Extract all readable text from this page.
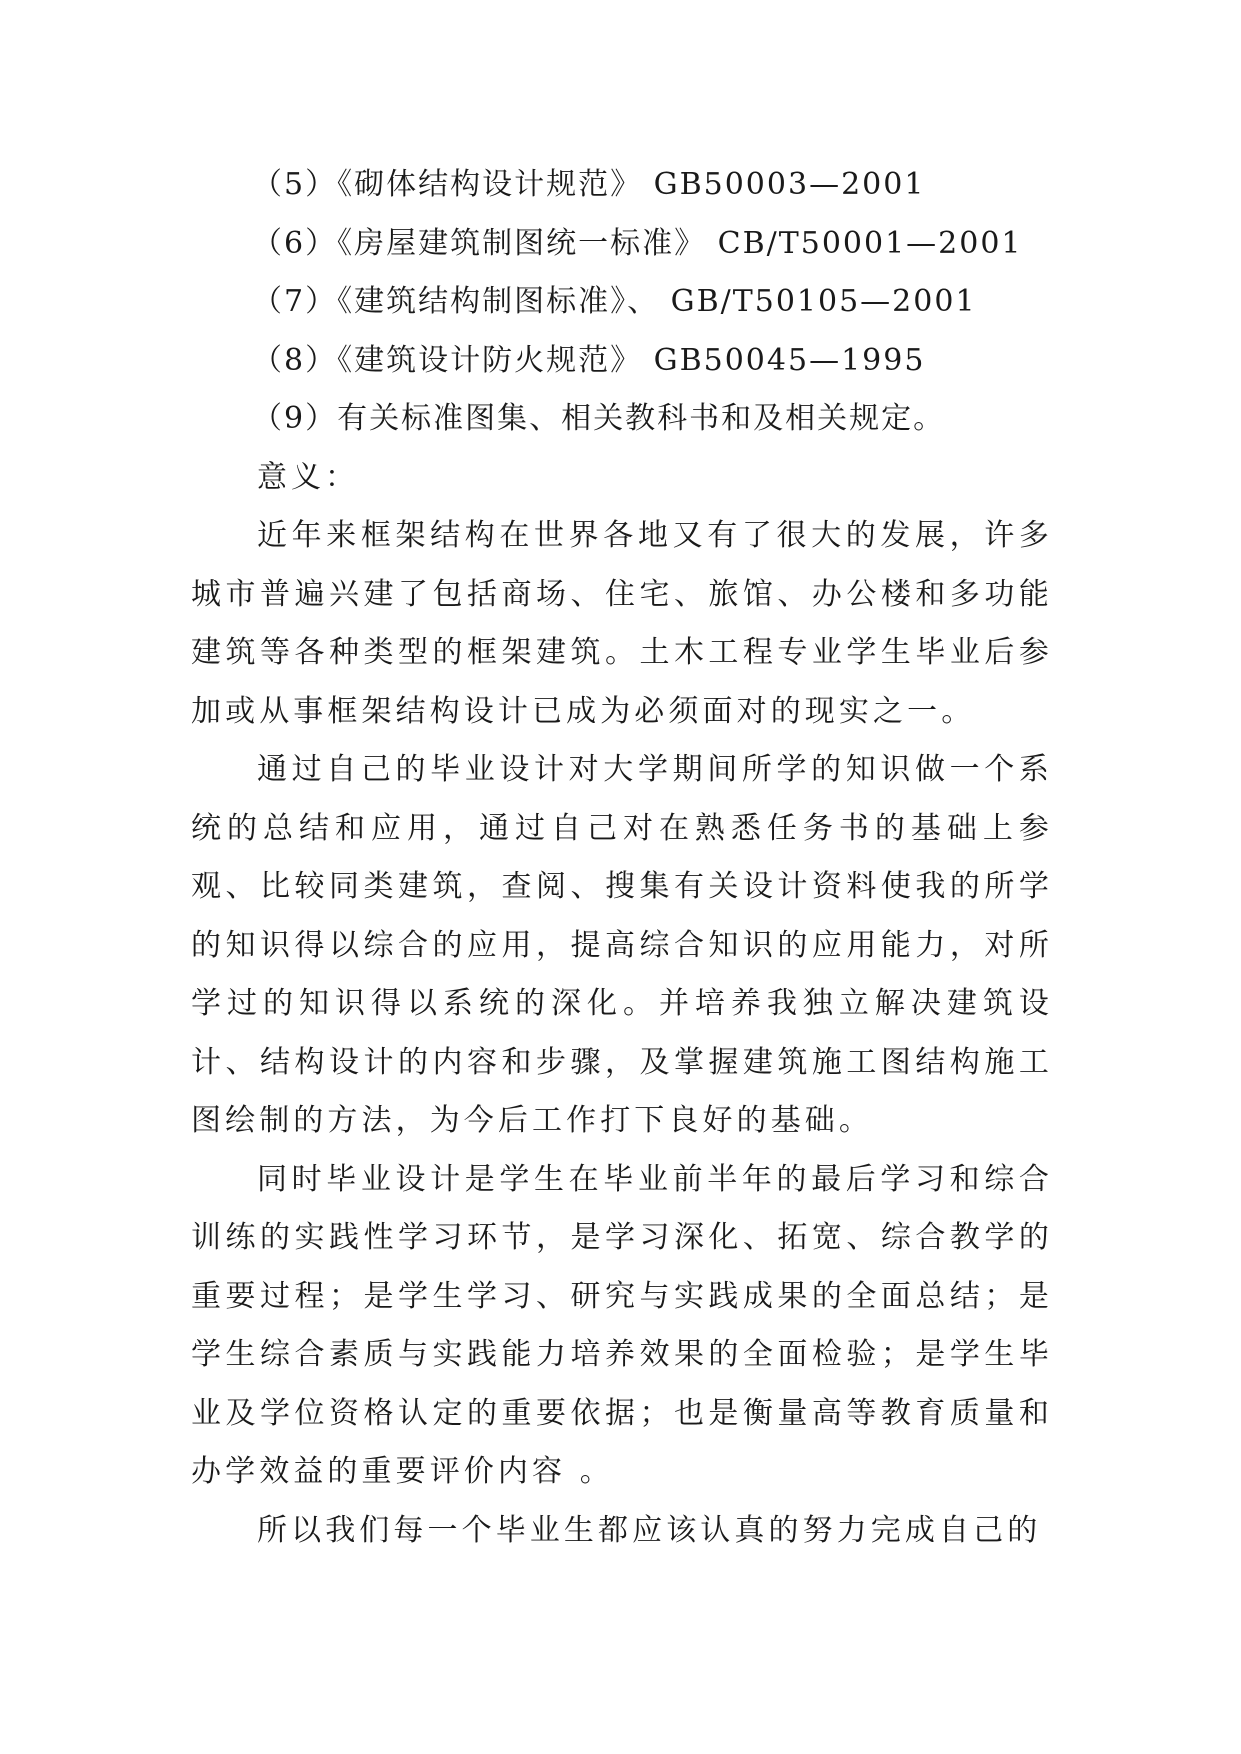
（5）《砌体结构设计规范》 GB50003—2001

（6）《房屋建筑制图统一标准》 CB/T50001—2001

（7）《建筑结构制图标准》、 GB/T50105—2001

（8）《建筑设计防火规范》 GB50045—1995

（9）有关标准图集、相关教科书和及相关规定。

意义：

近年来框架结构在世界各地又有了很大的发展，许多城市普遍兴建了包括商场、住宅、旅馆、办公楼和多功能建筑等各种类型的框架建筑。土木工程专业学生毕业后参加或从事框架结构设计已成为必须面对的现实之一。

通过自己的毕业设计对大学期间所学的知识做一个系统的总结和应用，通过自己对在熟悉任务书的基础上参观、比较同类建筑，查阅、搜集有关设计资料使我的所学的知识得以综合的应用，提高综合知识的应用能力，对所学过的知识得以系统的深化。并培养我独立解决建筑设计、结构设计的内容和步骤，及掌握建筑施工图结构施工图绘制的方法，为今后工作打下良好的基础。

同时毕业设计是学生在毕业前半年的最后学习和综合训练的实践性学习环节，是学习深化、拓宽、综合教学的重要过程；是学生学习、研究与实践成果的全面总结；是学生综合素质与实践能力培养效果的全面检验；是学生毕业及学位资格认定的重要依据；也是衡量高等教育质量和办学效益的重要评价内容 。

所以我们每一个毕业生都应该认真的努力完成自己的
